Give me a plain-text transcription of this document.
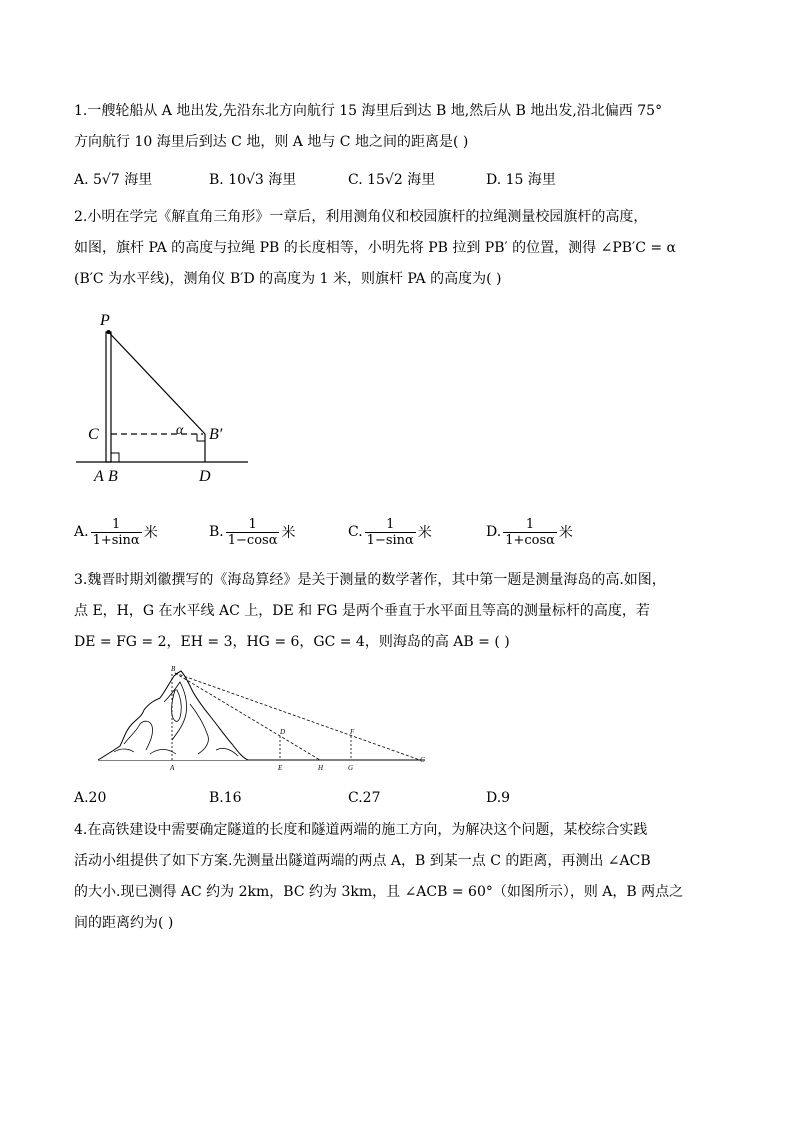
1.一艘轮船从 A 地出发,先沿东北方向航行 15 海里后到达 B 地,然后从 B 地出发,沿北偏西 75°
方向航行 10 海里后到达 C 地，则 A 地与 C 地之间的距离是( )
A. 5√7 海里	B. 10√3 海里	C. 15√2 海里	D. 15 海里
2.小明在学完《解直角三角形》一章后，利用测角仪和校园旗杆的拉绳测量校园旗杆的高度，
如图，旗杆 PA 的高度与拉绳 PB 的长度相等，小明先将 PB 拉到 PB′ 的位置，测得 ∠PB′C = α
(B′C 为水平线)，测角仪 B′D 的高度为 1 米，则旗杆 PA 的高度为( )
P
C	α B′
A B	D
A. $\frac{1}{1+\sin\alpha}$ 米	B. $\frac{1}{1-\cos\alpha}$ 米	C. $\frac{1}{1-\sin\alpha}$ 米	D. $\frac{1}{1+\cos\alpha}$ 米
3.魏晋时期刘徽撰写的《海岛算经》是关于测量的数学著作，其中第一题是测量海岛的高.如图，
点 E，H，G 在水平线 AC 上，DE 和 FG 是两个垂直于水平面且等高的测量标杆的高度，若
DE = FG = 2，EH = 3，HG = 6，GC = 4，则海岛的高 AB = ( )
B
D	F
A	E	H	G
C
A.20	B.16	C.27	D.9
4.在高铁建设中需要确定隧道的长度和隧道两端的施工方向，为解决这个问题，某校综合实践
活动小组提供了如下方案.先测量出隧道两端的两点 A，B 到某一点 C 的距离，再测出 ∠ACB
的大小.现已测得 AC 约为 2km，BC 约为 3km，且 ∠ACB = 60°（如图所示），则 A，B 两点之
间的距离约为( )
